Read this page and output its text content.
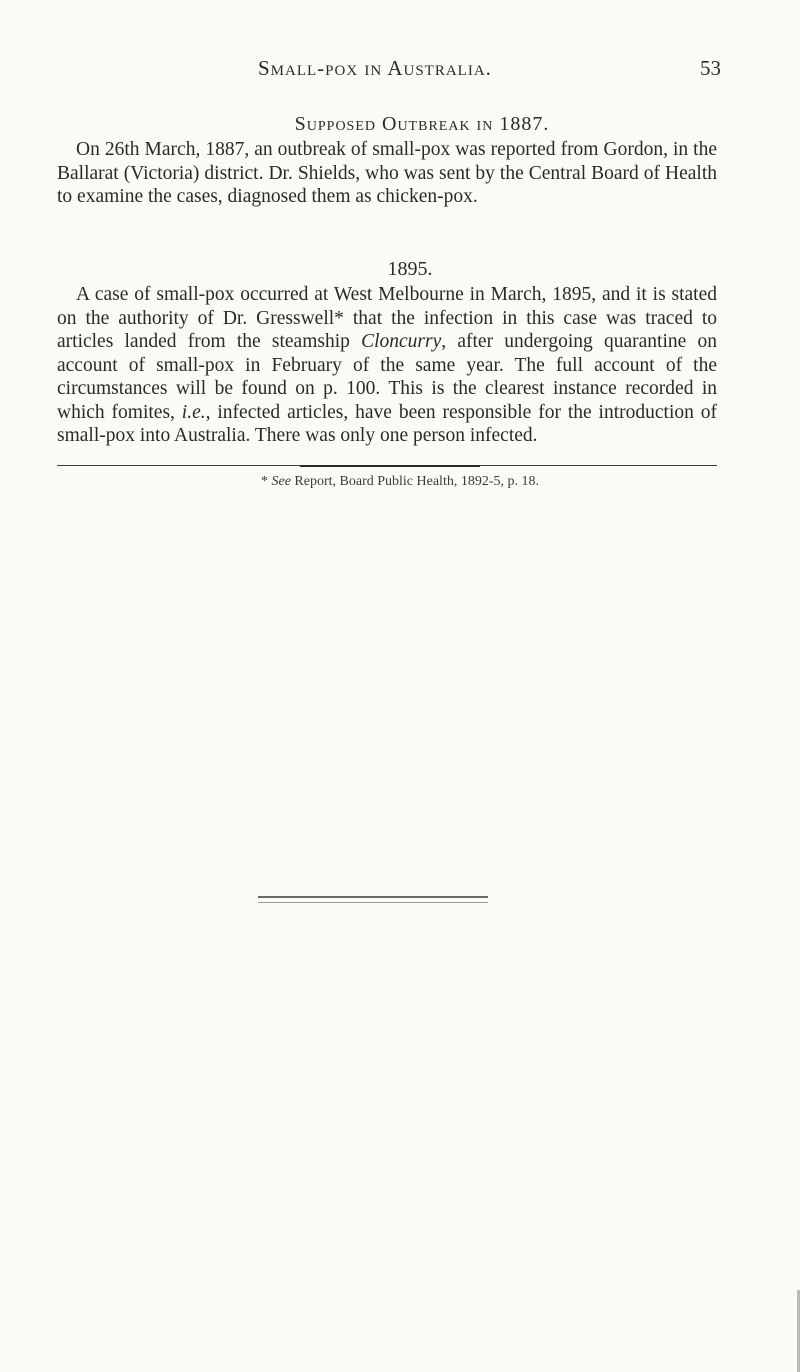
Small-pox in Australia.	53
Supposed Outbreak in 1887.
On 26th March, 1887, an outbreak of small-pox was reported from Gordon, in the Ballarat (Victoria) district. Dr. Shields, who was sent by the Central Board of Health to examine the cases, diagnosed them as chicken-pox.
1895.
A case of small-pox occurred at West Melbourne in March, 1895, and it is stated on the authority of Dr. Gresswell* that the infection in this case was traced to articles landed from the steamship Cloncurry, after undergoing quarantine on account of small-pox in February of the same year. The full account of the circumstances will be found on p. 100. This is the clearest instance recorded in which fomites, i.e., infected articles, have been responsible for the introduction of small-pox into Australia. There was only one person infected.
* See Report, Board Public Health, 1892-5, p. 18.
